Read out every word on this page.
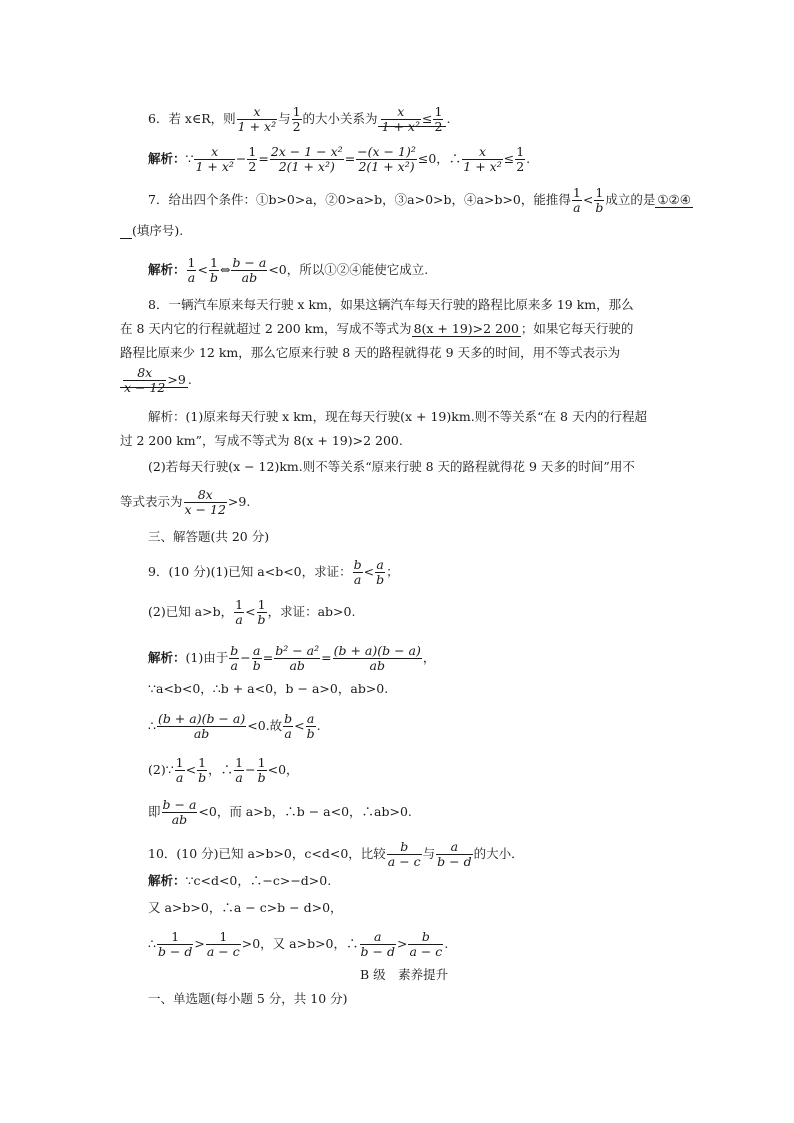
6．若 x∈R，则 $\frac{x}{\text{1 + x²}}$ 与 $\frac{1}{2}$ 的大小关系为 $\frac{x}{\text{1 + x²}} \le \frac{1}{2}$ .
解析：∵ $\frac{x}{\text{1 + x²}} - \frac{1}{2} = \frac{\text{2x − 1 − x²}}{\text{2(1 + x²)}} = \frac{\text{−(x − 1)²}}{\text{2(1 + x²)}} \le 0$，∴ $\frac{x}{\text{1 + x²}} \le \frac{1}{2}$ .
7．给出四个条件：①b>0>a，②0>a>b，③a>0>b，④a>b>0，能推得 $\frac{1}{a} < \frac{1}{b}$ 成立的是 ①②④
(填序号).
解析： $\frac{1}{a} < \frac{1}{b}$ ⇔ $\frac{b - a}{ab} <0$，所以①②④能使它成立.
8．一辆汽车原来每天行驶 x km，如果这辆汽车每天行驶的路程比原来多 19 km，那么
在 8 天内它的行程就超过 2 200 km，写成不等式为 8(x + 19)>2 200 ；如果它每天行驶的
路程比原来少 12 km，那么它原来行驶 8 天的路程就得花 9 天多的时间，用不等式表示为
$\frac{8x}{x - 12} >9$ .
解析：(1)原来每天行驶 x km，现在每天行驶(x + 19)km.则不等关系“在 8 天内的行程超
过 2 200 km”，写成不等式为 8(x + 19)>2 200.
(2)若每天行驶(x − 12)km.则不等关系“原来行驶 8 天的路程就得花 9 天多的时间”用不
等式表示为 $\frac{8x}{x - 12} >9$.
三、解答题(共 20 分)
9．(10 分)(1)已知 a<b<0，求证： $\frac{b}{a} < \frac{a}{b}$ ；
(2)已知 a>b， $\frac{1}{a} < \frac{1}{b}$ ，求证：ab>0.
解析：(1)由于 $\frac{b}{a} - \frac{a}{b} = \frac{\text{b² − a²}}{ab} = \frac{(b + a)(b - a)}{ab}$ ，
∵a<b<0，∴b + a<0，b − a>0，ab>0.
∴ $\frac{(b + a)(b - a)}{ab} <0$.故 $\frac{b}{a} < \frac{a}{b}$ .
(2)∵ $\frac{1}{a} < \frac{1}{b}$ ，∴ $\frac{1}{a} - \frac{1}{b} <0$，
即 $\frac{b - a}{ab} <0$，而 a>b，∴b − a<0，∴ab>0.
10．(10 分)已知 a>b>0，c<d<0，比较 $\frac{b}{a - c}$ 与 $\frac{a}{b - d}$ 的大小．
解析：∵c<d<0，∴−c>−d>0.
又 a>b>0，∴a − c>b − d>0，
∴ $\frac{1}{b - d} > \frac{1}{a - c} >0$，又 a>b>0，∴ $\frac{a}{b - d} > \frac{b}{a - c}$ .
B 级　素养提升
一、单选题(每小题 5 分，共 10 分)
